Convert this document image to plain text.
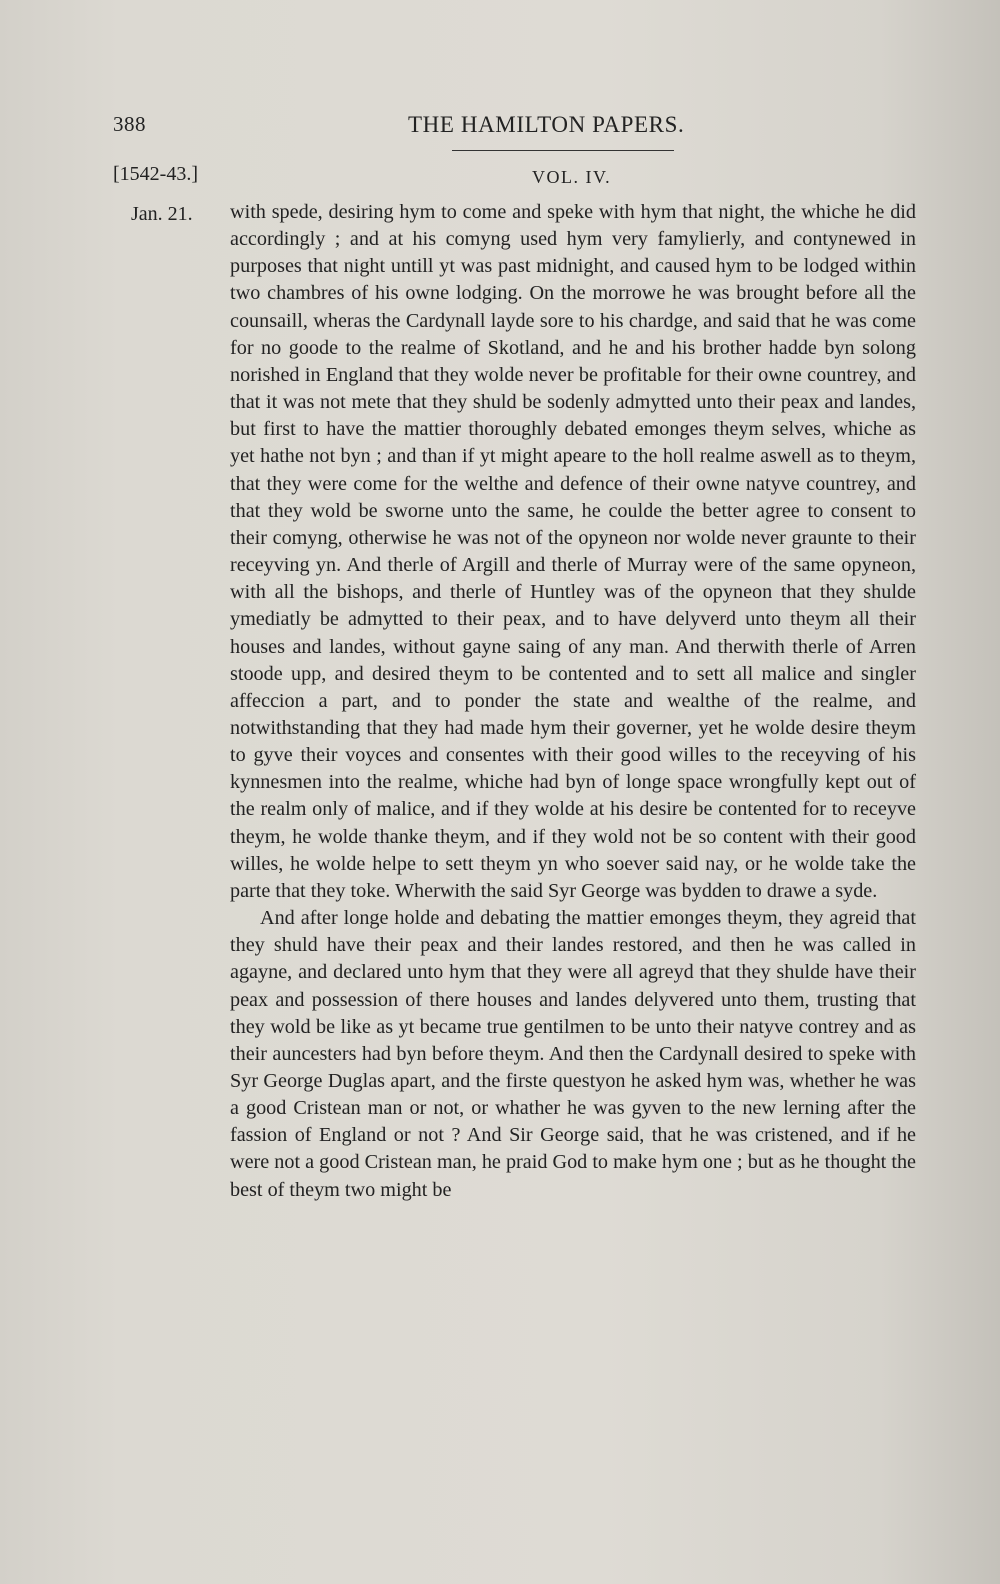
388	THE HAMILTON PAPERS.
[1542-43.]	VOL. IV.
Jan. 21. with spede, desiring hym to come and speke with hym that night, the whiche he did accordingly ; and at his comyng used hym very famylierly, and contynewed in purposes that night untill yt was past midnight, and caused hym to be lodged within two chambres of his owne lodging. On the morrowe he was brought before all the counsaill, wheras the Cardynall layde sore to his chardge, and said that he was come for no goode to the realme of Skotland, and he and his brother hadde byn solong norished in England that they wolde never be profitable for their owne countrey, and that it was not mete that they shuld be sodenly admytted unto their peax and landes, but first to have the mattier thoroughly debated emonges theym selves, whiche as yet hathe not byn ; and than if yt might apeare to the holl realme aswell as to theym, that they were come for the welthe and defence of their owne natyve countrey, and that they wold be sworne unto the same, he coulde the better agree to consent to their comyng, otherwise he was not of the opyneon nor wolde never graunte to their receyving yn. And therle of Argill and therle of Murray were of the same opyneon, with all the bishops, and therle of Huntley was of the opyneon that they shulde ymediatly be admytted to their peax, and to have delyverd unto theym all their houses and landes, without gayne saing of any man. And therwith therle of Arren stoode upp, and desired theym to be contented and to sett all malice and singler affeccion a part, and to ponder the state and wealthe of the realme, and notwithstanding that they had made hym their governer, yet he wolde desire theym to gyve their voyces and consentes with their good willes to the receyving of his kynnesmen into the realme, whiche had byn of longe space wrongfully kept out of the realm only of malice, and if they wolde at his desire be contented for to receyve theym, he wolde thanke theym, and if they wold not be so content with their good willes, he wolde helpe to sett theym yn who soever said nay, or he wolde take the parte that they toke. Wherwith the said Syr George was bydden to drawe a syde.

And after longe holde and debating the mattier emonges theym, they agreid that they shuld have their peax and their landes restored, and then he was called in agayne, and declared unto hym that they were all agreyd that they shulde have their peax and possession of there houses and landes delyvered unto them, trusting that they wold be like as yt became true gentilmen to be unto their natyve contrey and as their auncesters had byn before theym. And then the Cardynall desired to speke with Syr George Duglas apart, and the firste questyon he asked hym was, whether he was a good Cristean man or not, or whather he was gyven to the new lerning after the fassion of England or not ? And Sir George said, that he was cristened, and if he were not a good Cristean man, he praid God to make hym one ; but as he thought the best of theym two might be
